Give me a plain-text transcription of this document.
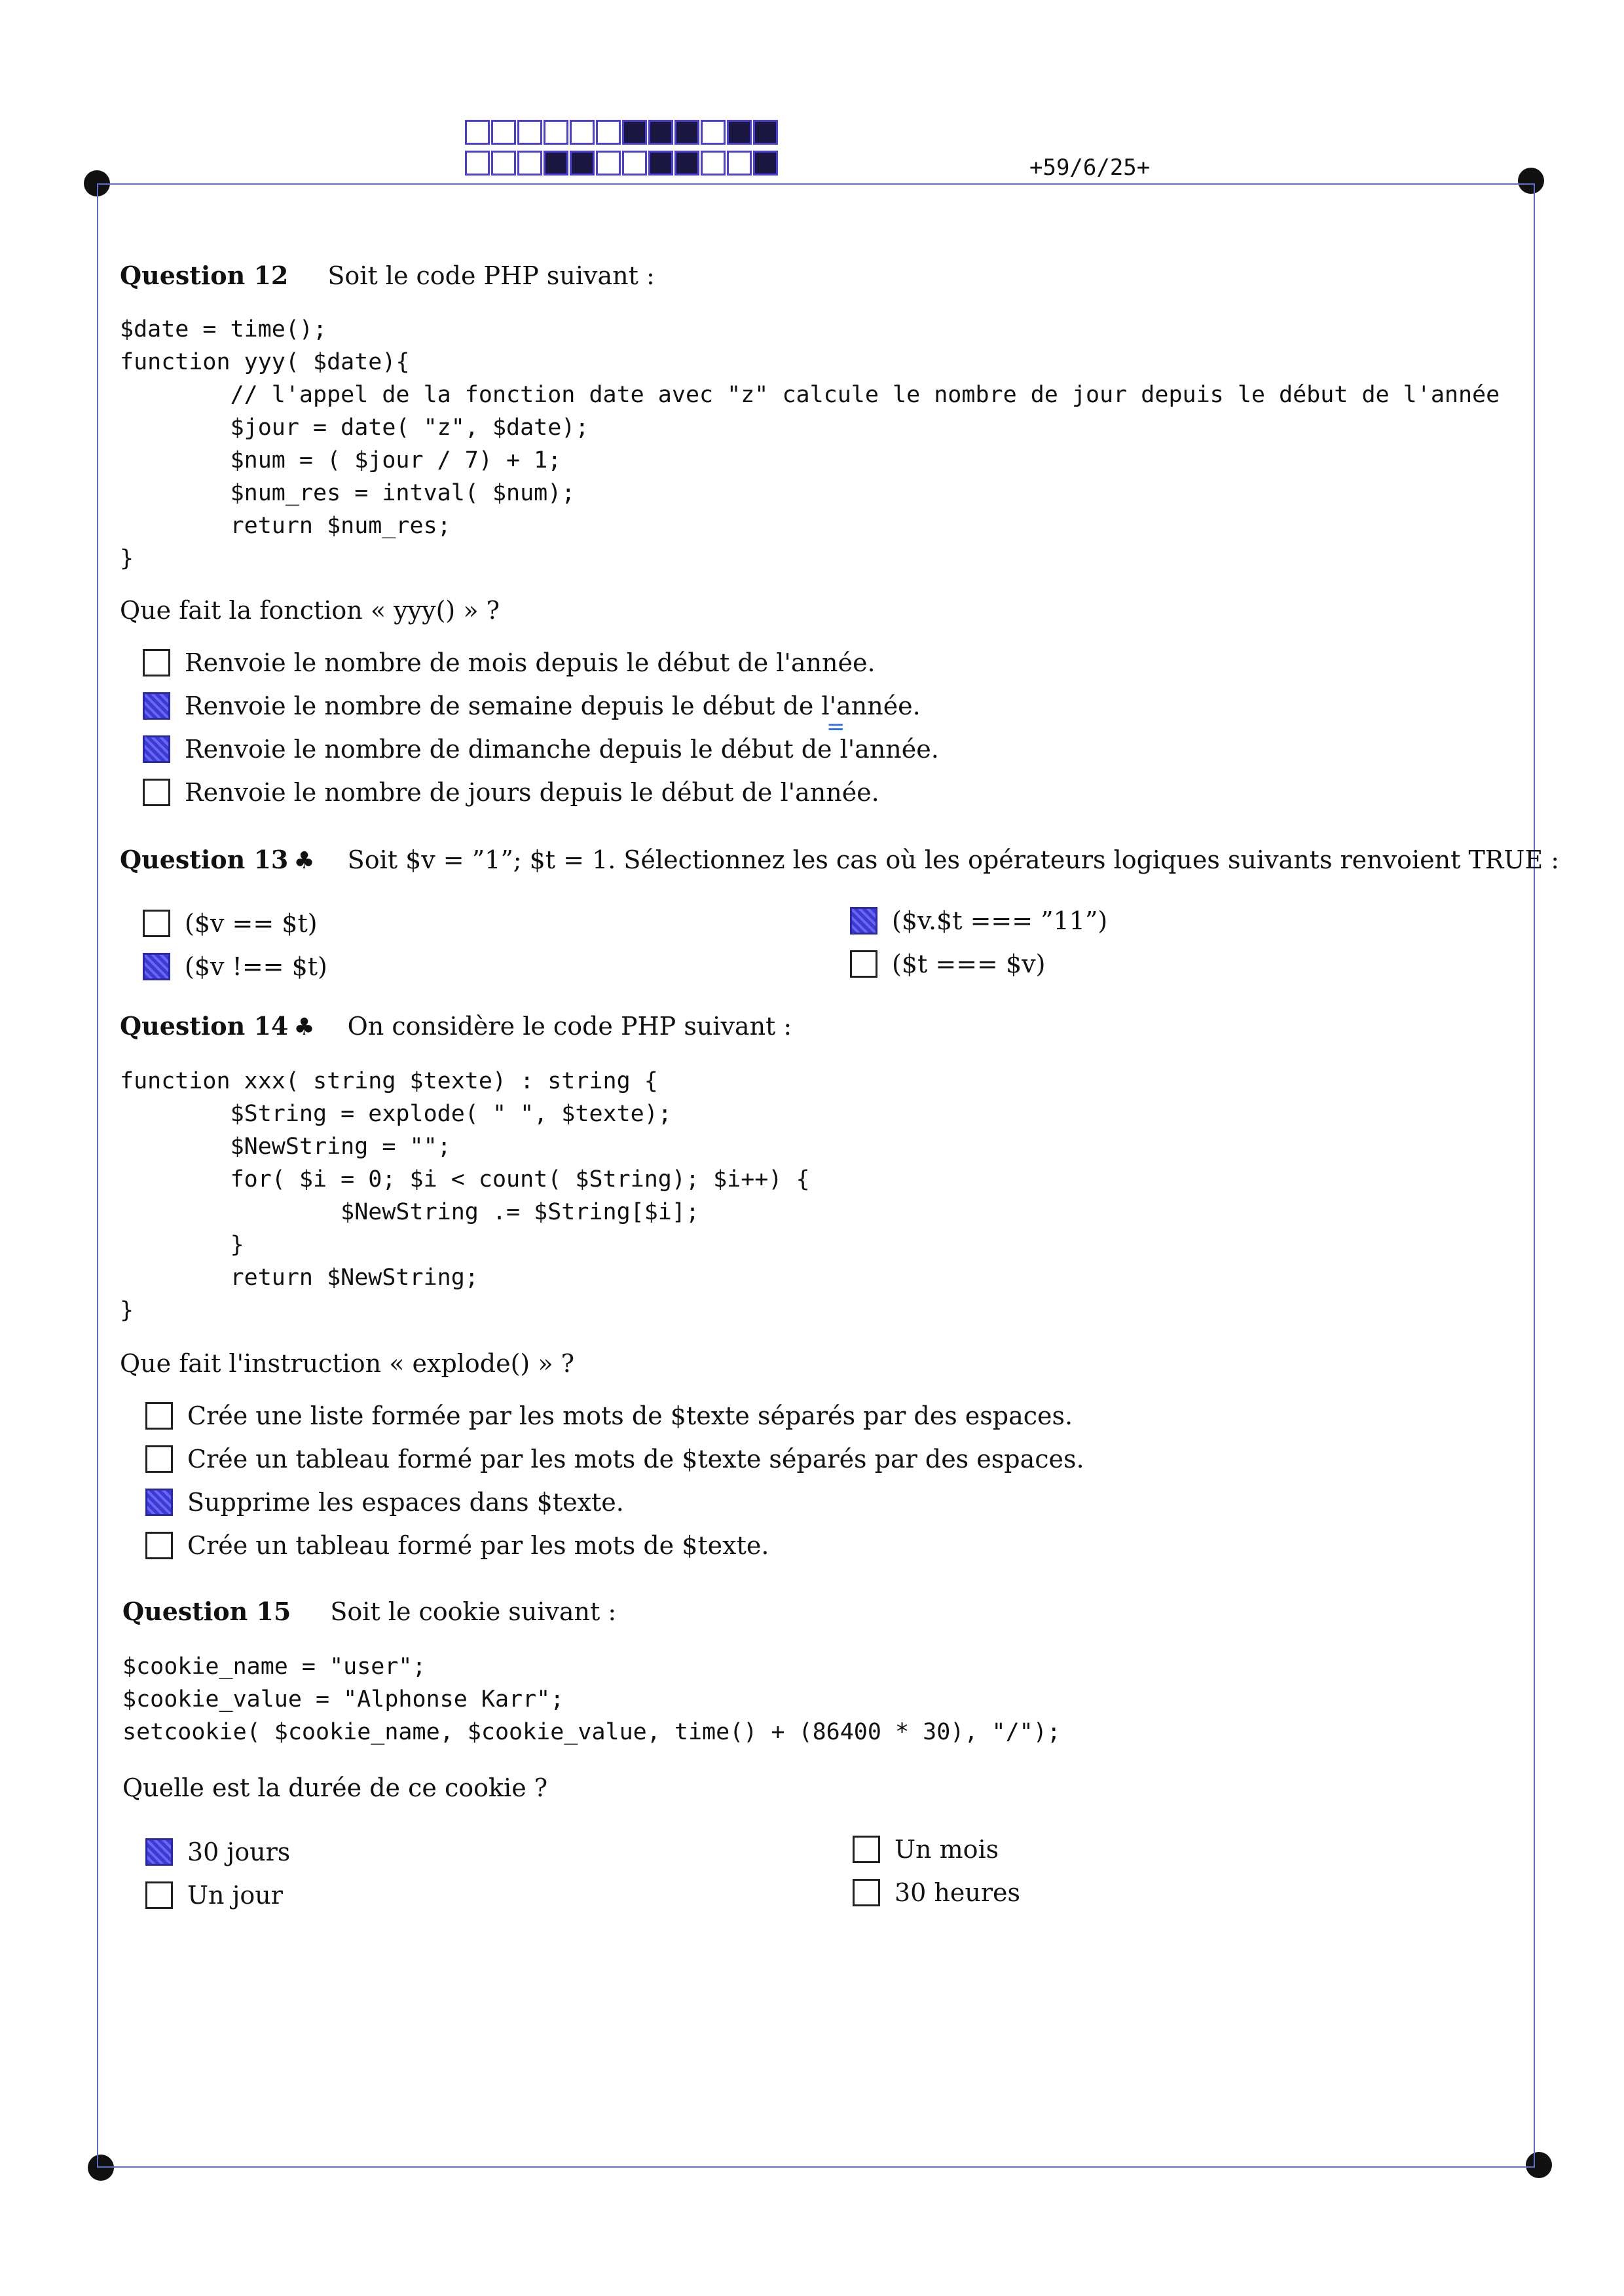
+59/6/25+
Question 12 Soit le code PHP suivant :
$date = time();
function yyy( $date){
// l'appel de la fonction date avec "z" calcule le nombre de jour depuis le début de l'année
$jour = date( "z", $date);
$num = ( $jour / 7) + 1;
$num_res = intval( $num);
return $num_res;
}
Que fait la fonction « yyy() » ?
Renvoie le nombre de mois depuis le début de l'année.
Renvoie le nombre de semaine depuis le début de l'année.
Renvoie le nombre de dimanche depuis le début de l'année.
Renvoie le nombre de jours depuis le début de l'année.
=
Question 13 ♣ Soit $v = ”1”; $t = 1. Sélectionnez les cas où les opérateurs logiques suivants renvoient TRUE :
($v == $t)
($v !== $t)
($v.$t === ”11”)
($t === $v)
Question 14 ♣ On considère le code PHP suivant :
function xxx( string $texte) : string {
$String = explode( " ", $texte);
$NewString = "";
for( $i = 0; $i < count( $String); $i++) {
$NewString .= $String[$i];
}
return $NewString;
}
Que fait l'instruction « explode() » ?
Crée une liste formée par les mots de $texte séparés par des espaces.
Crée un tableau formé par les mots de $texte séparés par des espaces.
Supprime les espaces dans $texte.
Crée un tableau formé par les mots de $texte.
Question 15 Soit le cookie suivant :
$cookie_name = "user";
$cookie_value = "Alphonse Karr";
setcookie( $cookie_name, $cookie_value, time() + (86400 * 30), "/");
Quelle est la durée de ce cookie ?
30 jours
Un jour
Un mois
30 heures
